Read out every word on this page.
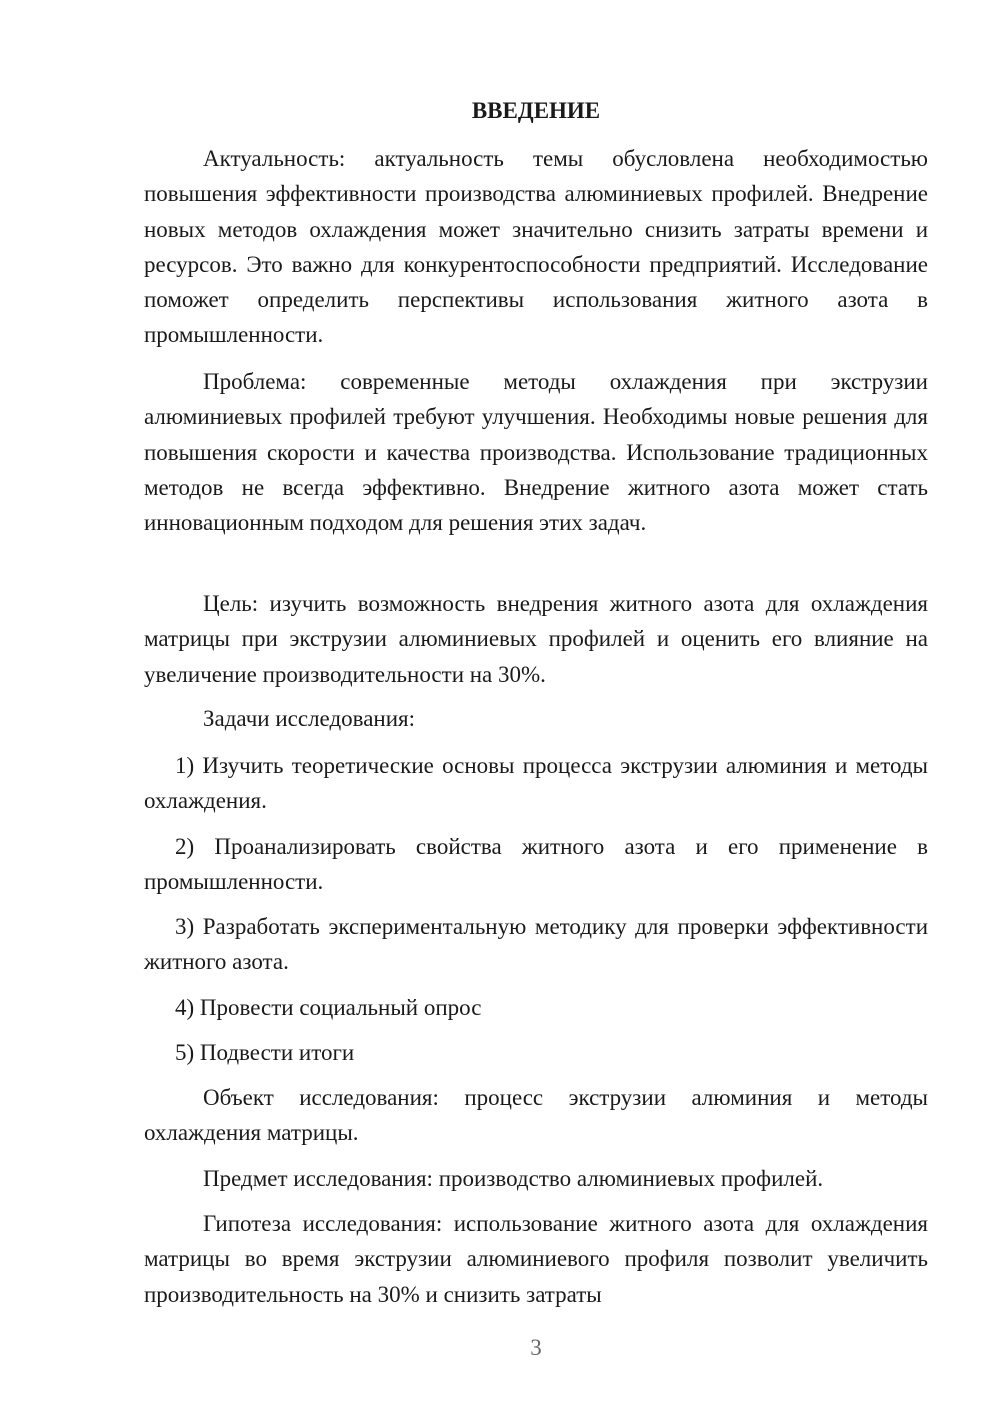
ВВЕДЕНИЕ

Актуальность: актуальность темы обусловлена необходимостью повышения эффективности производства алюминиевых профилей. Внедрение новых методов охлаждения может значительно снизить затраты времени и ресурсов. Это важно для конкурентоспособности предприятий. Исследование поможет определить перспективы использования житного азота в промышленности.

Проблема: современные методы охлаждения при экструзии алюминиевых профилей требуют улучшения. Необходимы новые решения для повышения скорости и качества производства. Использование традиционных методов не всегда эффективно. Внедрение житного азота может стать инновационным подходом для решения этих задач.

Цель: изучить возможность внедрения житного азота для охлаждения матрицы при экструзии алюминиевых профилей и оценить его влияние на увеличение производительности на 30%.

Задачи исследования:

1) Изучить теоретические основы процесса экструзии алюминия и методы охлаждения.

2) Проанализировать свойства житного азота и его применение в промышленности.

3) Разработать экспериментальную методику для проверки эффективности житного азота.

4) Провести социальный опрос

5) Подвести итоги

Объект исследования: процесс экструзии алюминия и методы охлаждения матрицы.

Предмет исследования: производство алюминиевых профилей.

Гипотеза исследования: использование житного азота для охлаждения матрицы во время экструзии алюминиевого профиля позволит увеличить производительность на 30% и снизить затраты

3
